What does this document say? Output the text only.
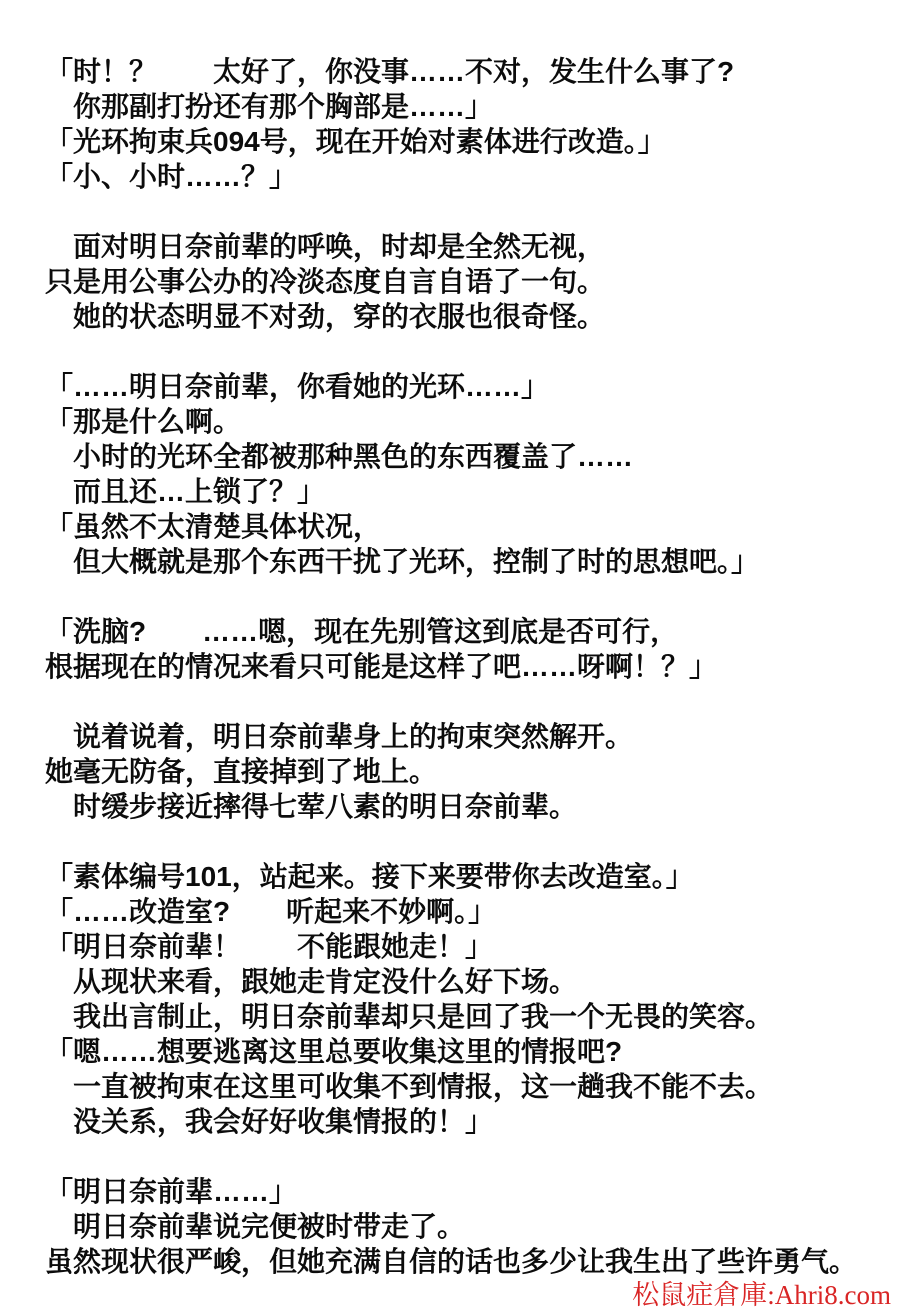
「时！？　　太好了，你没事……不对，发生什么事了?
　你那副打扮还有那个胸部是……」
「光环拘束兵094号，现在开始对素体进行改造。」
「小、小时……？」
　面对明日奈前辈的呼唤，时却是全然无视，
只是用公事公办的冷淡态度自言自语了一句。
　她的状态明显不对劲，穿的衣服也很奇怪。
「……明日奈前辈，你看她的光环……」
「那是什么啊。
　小时的光环全都被那种黑色的东西覆盖了……
　而且还…上锁了？」
「虽然不太清楚具体状况，
　但大概就是那个东西干扰了光环，控制了时的思想吧。」
「洗脑?　　……嗯，现在先别管这到底是否可行，
根据现在的情况来看只可能是这样了吧……呀啊！？」
　说着说着，明日奈前辈身上的拘束突然解开。
她毫无防备，直接掉到了地上。
　时缓步接近摔得七荤八素的明日奈前辈。
「素体编号101，站起来。接下来要带你去改造室。」
「……改造室?　　听起来不妙啊。」
「明日奈前辈！　　不能跟她走！」
　从现状来看，跟她走肯定没什么好下场。
　我出言制止，明日奈前辈却只是回了我一个无畏的笑容。
「嗯……想要逃离这里总要收集这里的情报吧?
　一直被拘束在这里可收集不到情报，这一趟我不能不去。
　没关系，我会好好收集情报的！」
「明日奈前辈……」
　明日奈前辈说完便被时带走了。
虽然现状很严峻，但她充满自信的话也多少让我生出了些许勇气。
松鼠症倉庫:Ahri8.com
